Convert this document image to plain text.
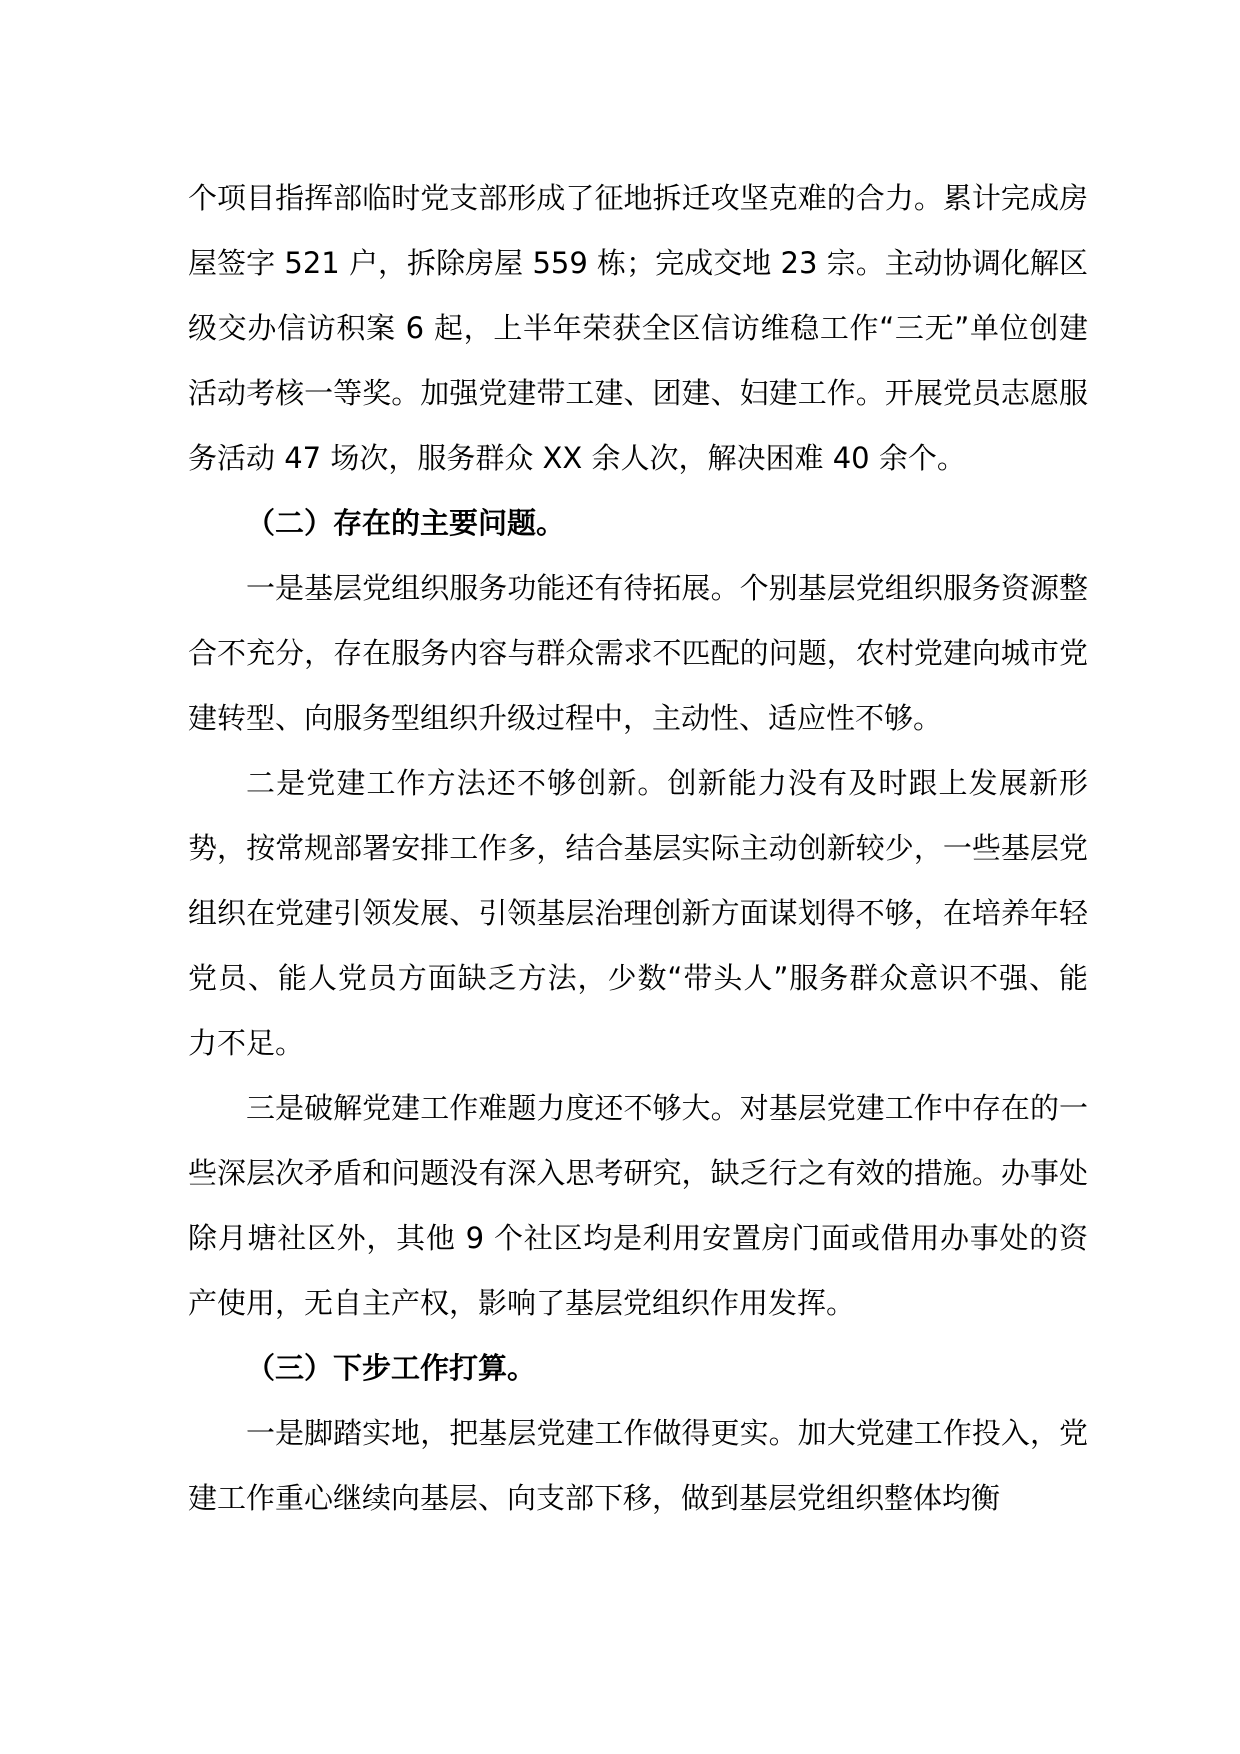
个项目指挥部临时党支部形成了征地拆迁攻坚克难的合力。累计完成房屋签字 521 户，拆除房屋 559 栋；完成交地 23 宗。主动协调化解区级交办信访积案 6 起，上半年荣获全区信访维稳工作“三无”单位创建活动考核一等奖。加强党建带工建、团建、妇建工作。开展党员志愿服务活动 47 场次，服务群众 XX 余人次，解决困难 40 余个。

（二）存在的主要问题。

一是基层党组织服务功能还有待拓展。个别基层党组织服务资源整合不充分，存在服务内容与群众需求不匹配的问题，农村党建向城市党建转型、向服务型组织升级过程中，主动性、适应性不够。

二是党建工作方法还不够创新。创新能力没有及时跟上发展新形势，按常规部署安排工作多，结合基层实际主动创新较少，一些基层党组织在党建引领发展、引领基层治理创新方面谋划得不够，在培养年轻党员、能人党员方面缺乏方法，少数“带头人”服务群众意识不强、能力不足。

三是破解党建工作难题力度还不够大。对基层党建工作中存在的一些深层次矛盾和问题没有深入思考研究，缺乏行之有效的措施。办事处除月塘社区外，其他 9 个社区均是利用安置房门面或借用办事处的资产使用，无自主产权，影响了基层党组织作用发挥。

（三）下步工作打算。

一是脚踏实地，把基层党建工作做得更实。加大党建工作投入，党建工作重心继续向基层、向支部下移，做到基层党组织整体均衡
